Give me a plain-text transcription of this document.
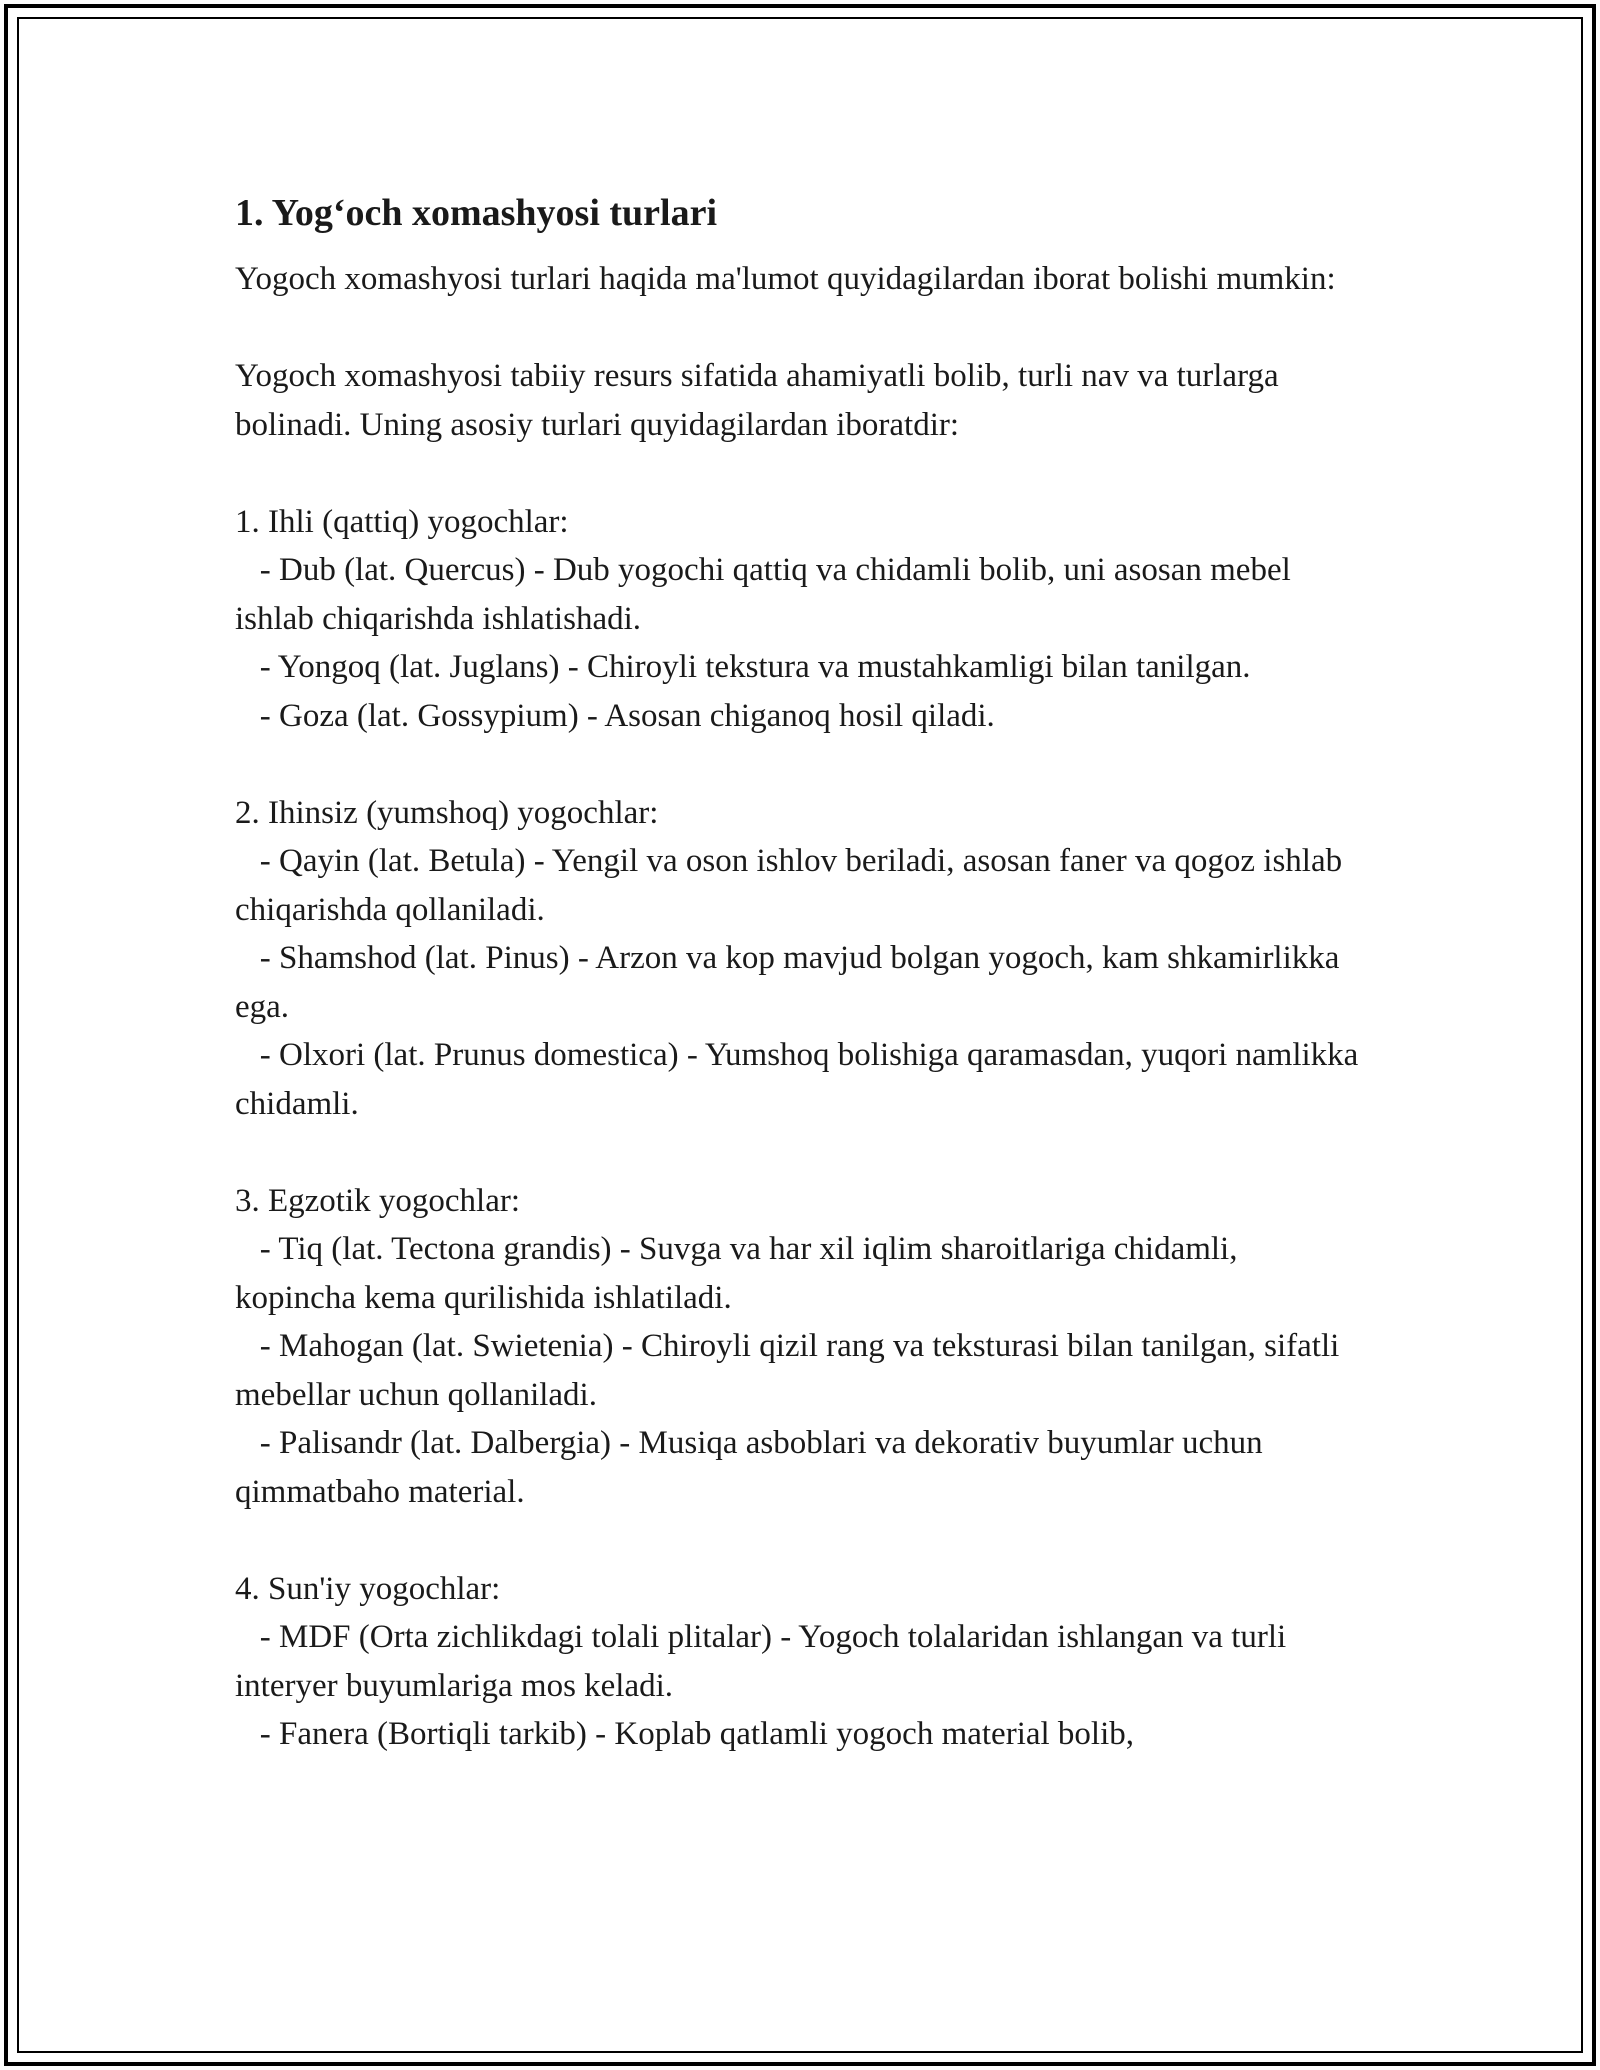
1. Yog‘och xomashyosi turlari

Yogoch xomashyosi turlari haqida ma'lumot quyidagilardan iborat bolishi mumkin:

Yogoch xomashyosi tabiiy resurs sifatida ahamiyatli bolib, turli nav va turlarga bolinadi. Uning asosiy turlari quyidagilardan iboratdir:

1. Ihli (qattiq) yogochlar:

- Dub (lat. Quercus) - Dub yogochi qattiq va chidamli bolib, uni asosan mebel ishlab chiqarishda ishlatishadi.

- Yongoq (lat. Juglans) - Chiroyli tekstura va mustahkamligi bilan tanilgan.

- Goza (lat. Gossypium) - Asosan chiganoq hosil qiladi.

2. Ihinsiz (yumshoq) yogochlar:

- Qayin (lat. Betula) - Yengil va oson ishlov beriladi, asosan faner va qogoz ishlab chiqarishda qollaniladi.

- Shamshod (lat. Pinus) - Arzon va kop mavjud bolgan yogoch, kam shkamirlikka ega.

- Olxori (lat. Prunus domestica) - Yumshoq bolishiga qaramasdan, yuqori namlikka chidamli.

3. Egzotik yogochlar:

- Tiq (lat. Tectona grandis) - Suvga va har xil iqlim sharoitlariga chidamli, kopincha kema qurilishida ishlatiladi.

- Mahogan (lat. Swietenia) - Chiroyli qizil rang va teksturasi bilan tanilgan, sifatli mebellar uchun qollaniladi.

- Palisandr (lat. Dalbergia) - Musiqa asboblari va dekorativ buyumlar uchun qimmatbaho material.

4. Sun'iy yogochlar:

- MDF (Orta zichlikdagi tolali plitalar) - Yogoch tolalaridan ishlangan va turli interyer buyumlariga mos keladi.

- Fanera (Bortiqli tarkib) - Koplab qatlamli yogoch material bolib,
